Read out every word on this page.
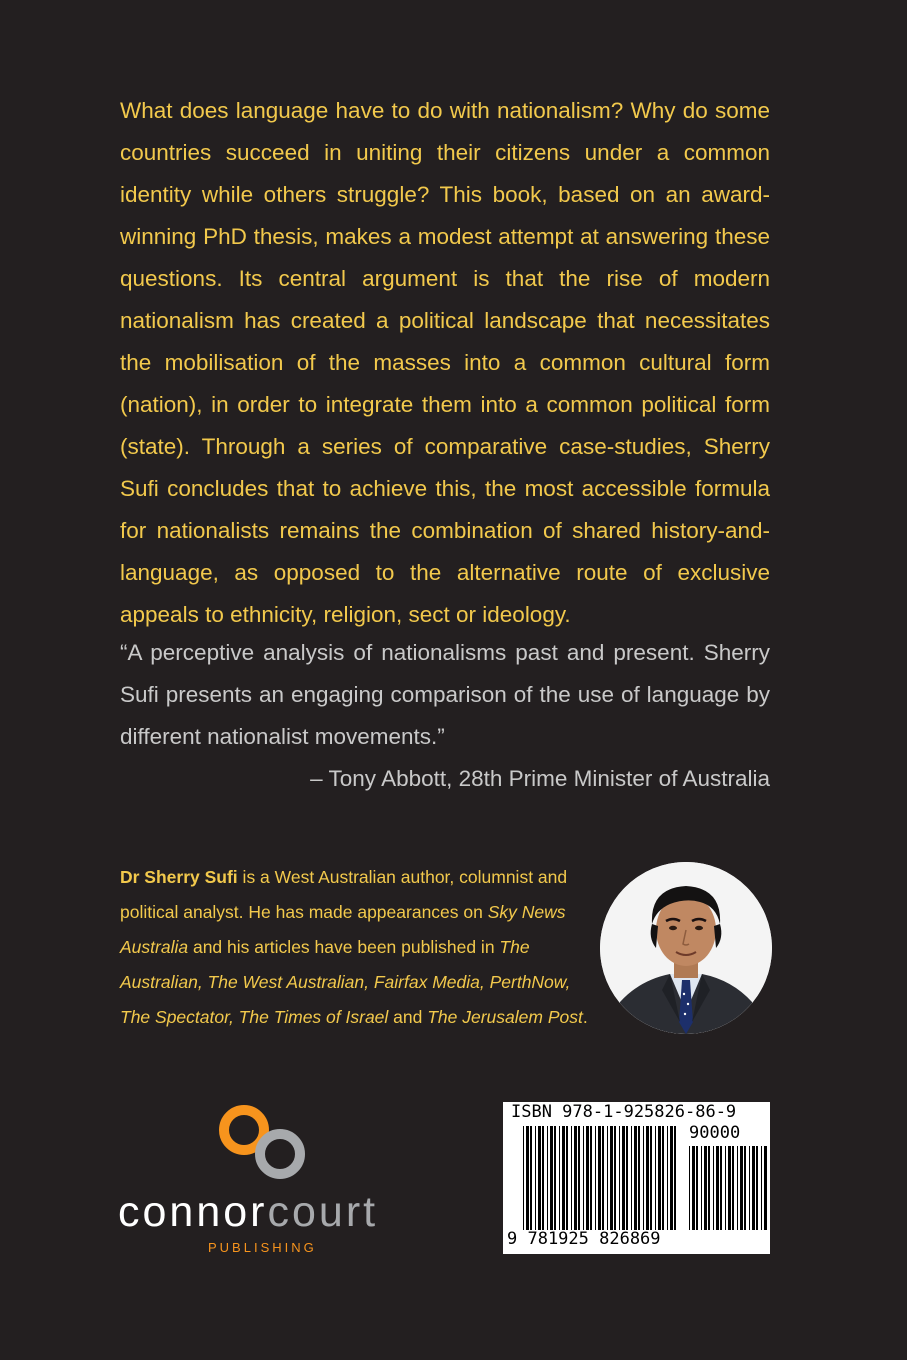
What does language have to do with nationalism? Why do some countries succeed in uniting their citizens under a common identity while others struggle? This book, based on an award-winning PhD thesis, makes a modest attempt at answering these questions. Its central argument is that the rise of modern nationalism has created a political landscape that necessitates the mobilisation of the masses into a common cultural form (nation), in order to integrate them into a common political form (state). Through a series of comparative case-studies, Sherry Sufi concludes that to achieve this, the most accessible formula for nationalists remains the combination of shared history-and-language, as opposed to the alternative route of exclusive appeals to ethnicity, religion, sect or ideology.

“A perceptive analysis of nationalisms past and present. Sherry Sufi presents an engaging comparison of the use of language by different nationalist movements.”

– Tony Abbott, 28th Prime Minister of Australia

Dr Sherry Sufi is a West Australian author, columnist and political analyst. He has made appearances on Sky News Australia and his articles have been published in The Australian, The West Australian, Fairfax Media, PerthNow, The Spectator, The Times of Israel and The Jerusalem Post.

connorcourt
PUBLISHING
ISBN 978-1-925826-86-9
90000
9 781925 826869
